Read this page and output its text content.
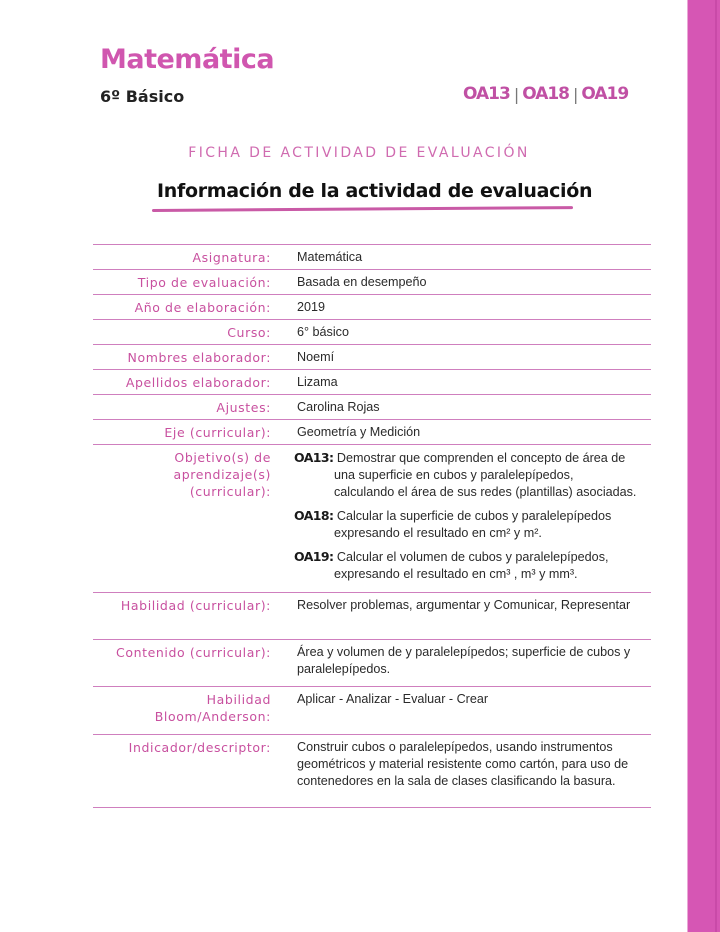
Matemática
6º Básico	OA13 | OA18 | OA19
FICHA DE ACTIVIDAD DE EVALUACIÓN
Información de la actividad de evaluación
Asignatura:	Matemática
Tipo de evaluación:	Basada en desempeño
Año de elaboración:	2019
Curso:	6° básico
Nombres elaborador:	Noemí
Apellidos elaborador:	Lizama
Ajustes:	Carolina Rojas
Eje (curricular):	Geometría y Medición

Objetivo(s) de
aprendizaje(s)
(curricular):

OA13: Demostrar que comprenden el concepto de área de
una superficie en cubos y paralelepípedos,
calculando el área de sus redes (plantillas) asociadas.
OA18: Calcular la superficie de cubos y paralelepípedos
expresando el resultado en cm² y m².
OA19: Calcular el volumen de cubos y paralelepípedos,
expresando el resultado en cm³ , m³ y mm³.

Habilidad (curricular):	Resolver problemas, argumentar y Comunicar, Representar
Contenido (curricular):	Área y volumen de y paralelepípedos; superficie de cubos y paralelepípedos.

Habilidad
Bloom/Anderson:	Aplicar - Analizar - Evaluar - Crear
Indicador/descriptor:	Construir cubos o paralelepípedos, usando instrumentos geométricos y material resistente como cartón, para uso de contenedores en la sala de clases clasificando la basura.
